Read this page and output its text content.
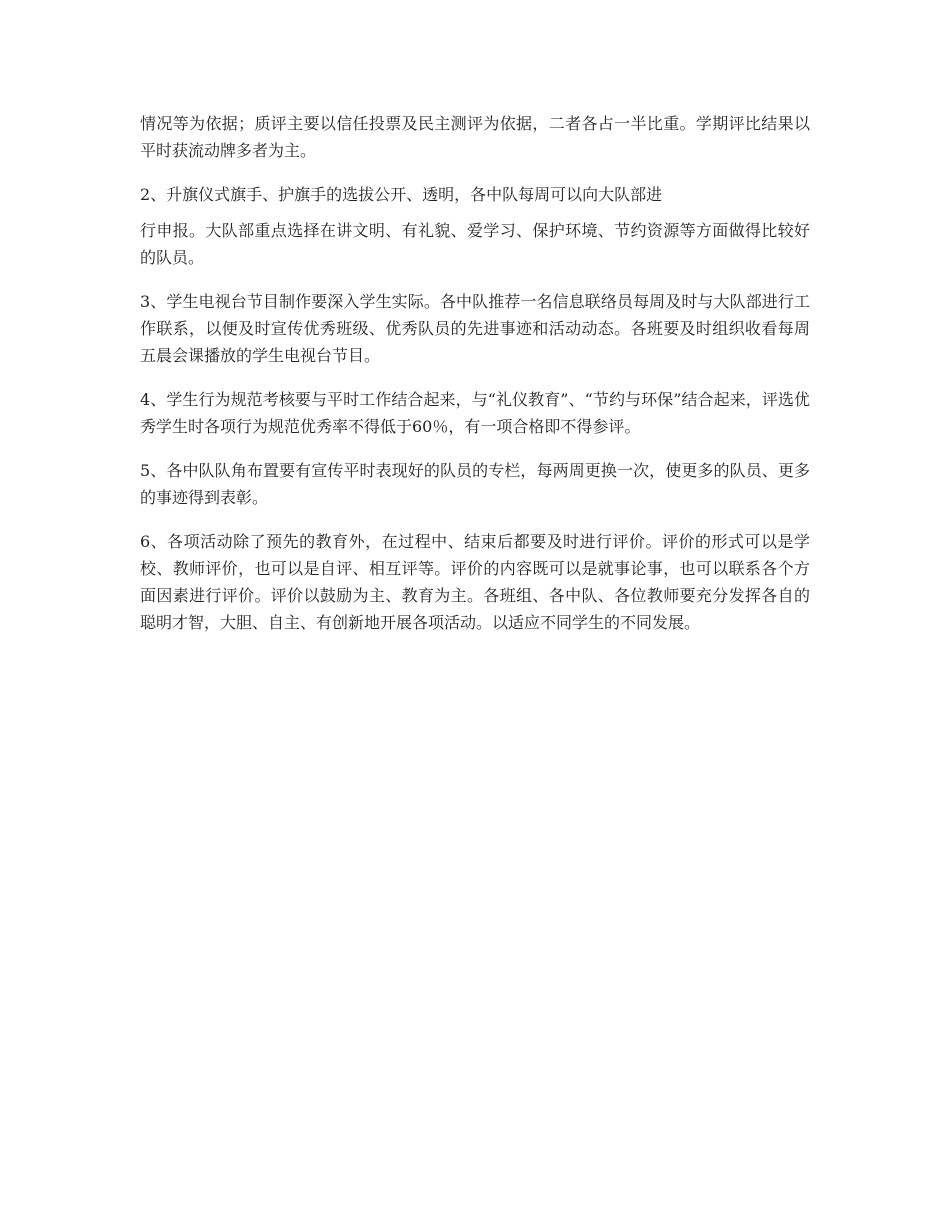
情况等为依据；质评主要以信任投票及民主测评为依据，二者各占一半比重。学期评比结果以平时获流动牌多者为主。

2、升旗仪式旗手、护旗手的选拔公开、透明，各中队每周可以向大队部进

行申报。大队部重点选择在讲文明、有礼貌、爱学习、保护环境、节约资源等方面做得比较好的队员。

3、学生电视台节目制作要深入学生实际。各中队推荐一名信息联络员每周及时与大队部进行工作联系，以便及时宣传优秀班级、优秀队员的先进事迹和活动动态。各班要及时组织收看每周五晨会课播放的学生电视台节目。

4、学生行为规范考核要与平时工作结合起来，与“礼仪教育”、“节约与环保”结合起来，评选优秀学生时各项行为规范优秀率不得低于60％，有一项合格即不得参评。

5、各中队队角布置要有宣传平时表现好的队员的专栏，每两周更换一次，使更多的队员、更多的事迹得到表彰。

6、各项活动除了预先的教育外，在过程中、结束后都要及时进行评价。评价的形式可以是学校、教师评价，也可以是自评、相互评等。评价的内容既可以是就事论事，也可以联系各个方面因素进行评价。评价以鼓励为主、教育为主。各班组、各中队、各位教师要充分发挥各自的聪明才智，大胆、自主、有创新地开展各项活动。以适应不同学生的不同发展。
